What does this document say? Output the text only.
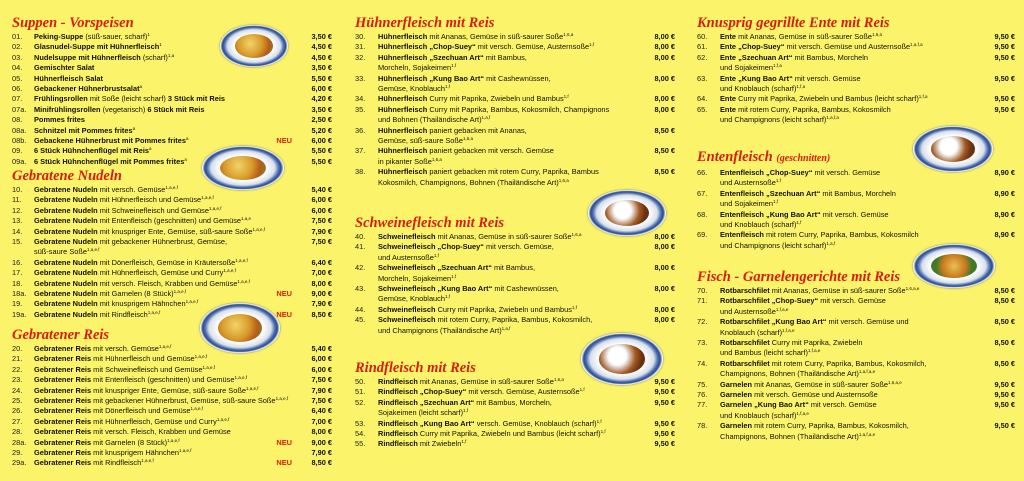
Suppen - Vorspeisen
01.	Peking-Suppe (süß-sauer, scharf)$^1$	3,50 €
02.	Glasnudel-Suppe mit Hühnerfleisch$^1$	4,50 €
03.	Nudelsuppe mit Hühnerfleisch (scharf)$^{1,a}$	4,50 €
04.	Gemischter Salat	3,50 €
05.	Hühnerfleisch Salat	5,50 €
06.	Gebackener Hühnerbrustsalat$^a$	6,00 €
07.	Frühlingsrollen mit Soße (leicht scharf) 3 Stück mit Reis	4,20 €
07a.	Minifrühlingsrollen (vegetarisch) 6 Stück mit Reis	3,50 €
08.	Pommes frites	2,50 €
08a.	Schnitzel mit Pommes frites$^a$	5,20 €
08b.	Gebackene Hühnerbrust mit Pommes frites$^a$	6,00 €
NEU
09.	6 Stück Hühnchenflügel mit Reis$^a$	5,50 €
09a.	6 Stück Hühnchenflügel mit Pommes frites$^a$	5,50 €
Gebratene Nudeln
10.	Gebratene Nudeln mit versch. Gemüse$^{1,a,e,f}$	5,40 €
11.	Gebratene Nudeln mit Hühnerfleisch und Gemüse$^{1,a,e,f}$	6,00 €
12.	Gebratene Nudeln mit Schweinefleisch und Gemüse$^{1,a,e,f}$	6,00 €
13.	Gebratene Nudeln mit Entenfleisch (geschnitten) und Gemüse$^{1,a,e}$	7,50 €
14.	Gebratene Nudeln mit knuspriger Ente, Gemüse, süß-saure Soße$^{1,a,e,f}$	7,90 €
15.	Gebratene Nudeln mit gebackener Hühnerbrust, Gemüse,	7,50 €
süß-saure Soße$^{1,a,e,f}$
16.	Gebratene Nudeln mit Dönerfleisch, Gemüse in Kräutersoße$^{1,a,e,f}$	6,40 €
17.	Gebratene Nudeln mit Hühnerfleisch, Gemüse und Curry$^{1,a,e,f}$	7,00 €
18.	Gebratene Nudeln mit versch. Fleisch, Krabben und Gemüse$^{1,a,e,f}$	8,00 €
18a.	Gebratene Nudeln mit Garnelen (8 Stück)$^{1,a,e,f}$	9,00 €
NEU
19.	Gebratene Nudeln mit knusprigem Hähnchen$^{1,a,e,f}$	7,90 €
19a.	Gebratene Nudeln mit Rindfleisch$^{1,a,e,f}$	8,50 €
NEU
Gebratener Reis
20.	Gebratener Reis mit versch. Gemüse$^{1,a,e,f}$	5,40 €
21.	Gebratener Reis mit Hühnerfleisch und Gemüse$^{1,a,e,f}$	6,00 €
22.	Gebratener Reis mit Schweinefleisch und Gemüse$^{1,a,e,f}$	6,00 €
23.	Gebratener Reis mit Entenfleisch (geschnitten) und Gemüse$^{1,a,e,f}$	7,50 €
24.	Gebratener Reis mit knuspriger Ente, Gemüse, süß-saure Soße$^{1,a,e,f}$	7,90 €
25.	Gebratener Reis mit gebackener Hühnerbrust, Gemüse, süß-saure Soße$^{1,a,e,f}$	7,50 €
26.	Gebratener Reis mit Dönerfleisch und Gemüse$^{1,a,e,f}$	6,40 €
27.	Gebratener Reis mit Hühnerfleisch, Gemüse und Curry$^{1,a,e,f}$	7,00 €
28.	Gebratener Reis mit versch. Fleisch, Krabben und Gemüse	8,00 €
28a.	Gebratener Reis mit Garnelen (8 Stück)$^{1,a,e,f}$	9,00 €
NEU
29.	Gebratener Reis mit knusprigem Hähnchen$^{1,a,e,f}$	7,90 €
29a.	Gebratener Reis mit Rindfleisch$^{1,a,e,f}$	8,50 €
NEU
Hühnerfleisch mit Reis
30.	Hühnerfleisch mit Ananas, Gemüse in süß-saurer Soße$^{1,6,a}$	8,00 €
31.	Hühnerfleisch „Chop-Suey“ mit versch. Gemüse, Austernsoße$^{1,f}$	8,00 €
32.	Hühnerfleisch „Szechuan Art“ mit Bambus,	8,00 €
Morcheln, Sojakeimen$^{1,f}$
33.	Hühnerfleisch „Kung Bao Art“ mit Cashewnüssen,	8,00 €
Gemüse, Knoblauch$^{1,f}$
34.	Hühnerfleisch Curry mit Paprika, Zwiebeln und Bambus$^{1,f}$	8,00 €
35.	Hühnerfleisch Curry mit Paprika, Bambus, Kokosmilch, Champignons	8,00 €
und Bohnen (Thailändische Art)$^{1,a,f}$
36.	Hühnerfleisch paniert gebacken mit Ananas,	8,50 €
Gemüse, süß-saure Soße$^{1,6,a}$
37.	Hühnerfleisch paniert gebacken mit versch. Gemüse	8,50 €
in pikanter Soße$^{1,6,a}$
38.	Hühnerfleisch paniert gebacken mit rotem Curry, Paprika, Bambus	8,50 €
Kokosmilch, Champignons, Bohnen (Thailändische Art)$^{1,6,a}$
Schweinefleisch mit Reis
40.	Schweinefleisch mit Ananas, Gemüse in süß-saurer Soße$^{1,6,a}$	8,00 €
41.	Schweinefleisch „Chop-Suey“ mit versch. Gemüse,	8,00 €
und Austernsoße$^{1,f}$
42.	Schweinefleisch „Szechuan Art“ mit Bambus,	8,00 €
Morcheln, Sojakeimen$^{1,f}$
43.	Schweinefleisch „Kung Bao Art“ mit Cashewnüssen,	8,00 €
Gemüse, Knoblauch$^{1,f}$
44.	Schweinefleisch Curry mit Paprika, Zwiebeln und Bambus$^{1,f}$	8,00 €
45.	Schweinefleisch mit rotem Curry, Paprika, Bambus, Kokosmilch,	8,00 €
und Champignons (Thailändische Art)$^{1,a,f}$
Rindfleisch mit Reis
50.	Rindfleisch mit Ananas, Gemüse in süß-saurer Soße$^{1,6,a}$	9,50 €
51.	Rindfleisch „Chop-Suey“ mit versch. Gemüse, Austernsoße$^{1,f}$	9,50 €
52.	Rindfleisch „Szechuan Art“ mit Bambus, Morcheln,	9,50 €
Sojakeimen (leicht scharf)$^{1,f}$
53.	Rindfleisch „Kung Bao Art“ versch. Gemüse, Knoblauch (scharf)$^{1,f}$	9,50 €
54.	Rindfleisch Curry mit Paprika, Zwiebeln und Bambus (leicht scharf)$^{1,f}$	9,50 €
55.	Rindfleisch mit Zwiebeln$^{1,f}$	9,50 €
Knusprig gegrillte Ente mit Reis
60.	Ente mit Ananas, Gemüse in süß-saurer Soße$^{1,6,a}$	9,50 €
61.	Ente „Chop-Suey“ mit versch. Gemüse und Austernsoße$^{1,a,f,a}$	9,50 €
62.	Ente „Szechuan Art“ mit Bambus, Morcheln	9,50 €
und Sojakeimen$^{1,f,a}$
63.	Ente „Kung Bao Art“ mit versch. Gemüse	9,50 €
und Knoblauch (scharf)$^{1,f,a}$
64.	Ente Curry mit Paprika, Zwiebeln und Bambus (leicht scharf)$^{1,f,a}$	9,50 €
65.	Ente mit rotem Curry, Paprika, Bambus, Kokosmilch	9,50 €
und Champignons (leicht scharf)$^{1,a,f,a}$
Entenfleisch (geschnitten)
66.	Entenfleisch „Chop-Suey“ mit versch. Gemüse	8,90 €
und Austernsoße$^{1,f}$
67.	Entenfleisch „Szechuan Art“ mit Bambus, Morcheln	8,90 €
und Sojakeimen$^{1,f}$
68.	Entenfleisch „Kung Bao Art“ mit versch. Gemüse	8,90 €
und Knoblauch (scharf)$^{1,f}$
69.	Entenfleisch mit rotem Curry, Paprika, Bambus, Kokosmilch	8,90 €
und Champignons (leicht scharf)$^{1,a,f}$
Fisch - Garnelengerichte mit Reis
70.	Rotbarschfilet mit Ananas, Gemüse in süß-saurer Soße$^{1,6,a,e}$	8,50 €
71.	Rotbarschfilet „Chop-Suey“ mit versch. Gemüse	8,50 €
und Austernsoße$^{1,f,a,e}$
72.	Rotbarschfilet „Kung Bao Art“ mit versch. Gemüse und	8,50 €
Knoblauch (scharf)$^{1,f,a,e}$
73.	Rotbarschfilet Curry mit Paprika, Zwiebeln	8,50 €
und Bambus (leicht scharf)$^{1,f,a,e}$
74.	Rotbarschfilet mit rotem Curry, Paprika, Bambus, Kokosmilch,	8,50 €
Champignons, Bohnen (Thailändische Art)$^{1,a,f,a,e}$
75.	Garnelen mit Ananas, Gemüse in süß-saurer Soße$^{1,6,a,e}$	9,50 €
76.	Garnelen mit versch. Gemüse und Austernsoße	9,50 €
77.	Garnelen „Kung Bao Art“ mit versch. Gemüse	9,50 €
und Knoblauch (scharf)$^{1,f,a,e}$
78.	Garnelen mit rotem Curry, Paprika, Bambus, Kokosmilch,	9,50 €
Champignons, Bohnen (Thailändische Art)$^{1,a,f,a,e}$
